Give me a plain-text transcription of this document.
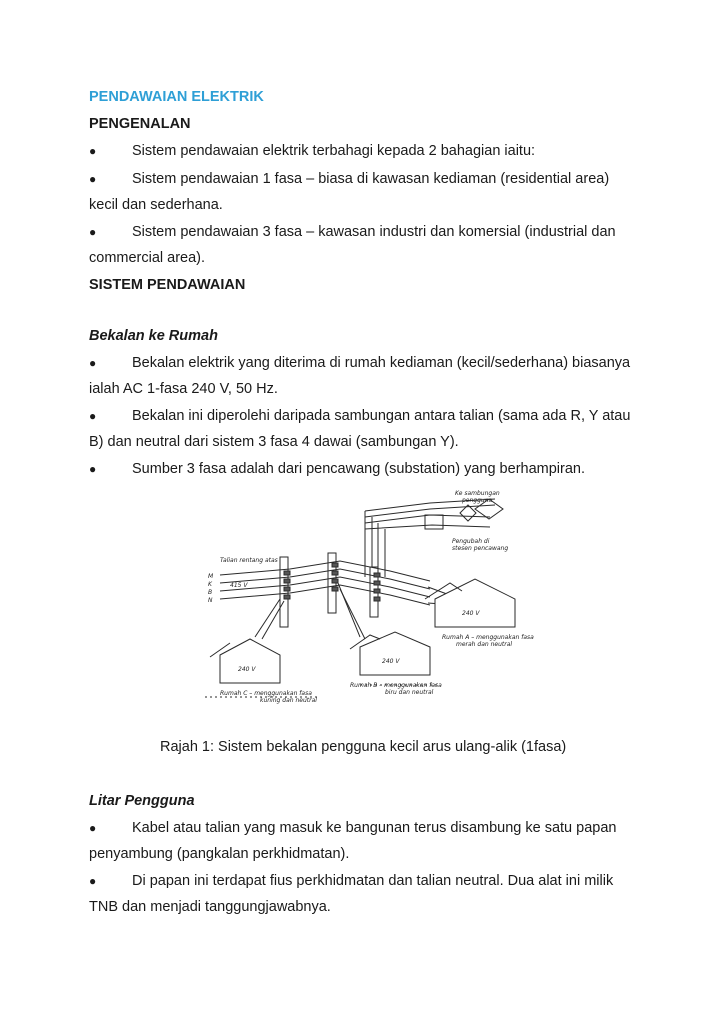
PENDAWAIAN ELEKTRIK
PENGENALAN
● Sistem pendawaian elektrik terbahagi kepada 2 bahagian iaitu:
● Sistem pendawaian 1 fasa – biasa di kawasan kediaman (residential area)
kecil dan sederhana.
● Sistem pendawaian 3 fasa – kawasan industri dan komersial (industrial dan
commercial area).
SISTEM PENDAWAIAN
Bekalan ke Rumah
● Bekalan elektrik yang diterima di rumah kediaman (kecil/sederhana) biasanya
ialah AC 1-fasa 240 V, 50 Hz.
● Bekalan ini diperolehi daripada sambungan antara talian (sama ada R, Y atau
B) dan neutral dari sistem 3 fasa 4 dawai (sambungan Y).
● Sumber 3 fasa adalah dari pencawang (substation) yang berhampiran.
Ke sambungan
pengguna
Pengubah di
stesen pencawang
Talian rentang atas
M
K
B
N
415 V
240 V
240 V
240 V
Rumah A – menggunakan fasa
merah dan neutral
Rumah B – menggunakan fasa
biru dan neutral
Rumah C – menggunakan fasa
kuning dan neutral
Rajah 1: Sistem bekalan pengguna kecil arus ulang-alik (1fasa)
Litar Pengguna
● Kabel atau talian yang masuk ke bangunan terus disambung ke satu papan
penyambung (pangkalan perkhidmatan).
● Di papan ini terdapat fius perkhidmatan dan talian neutral. Dua alat ini milik
TNB dan menjadi tanggungjawabnya.
